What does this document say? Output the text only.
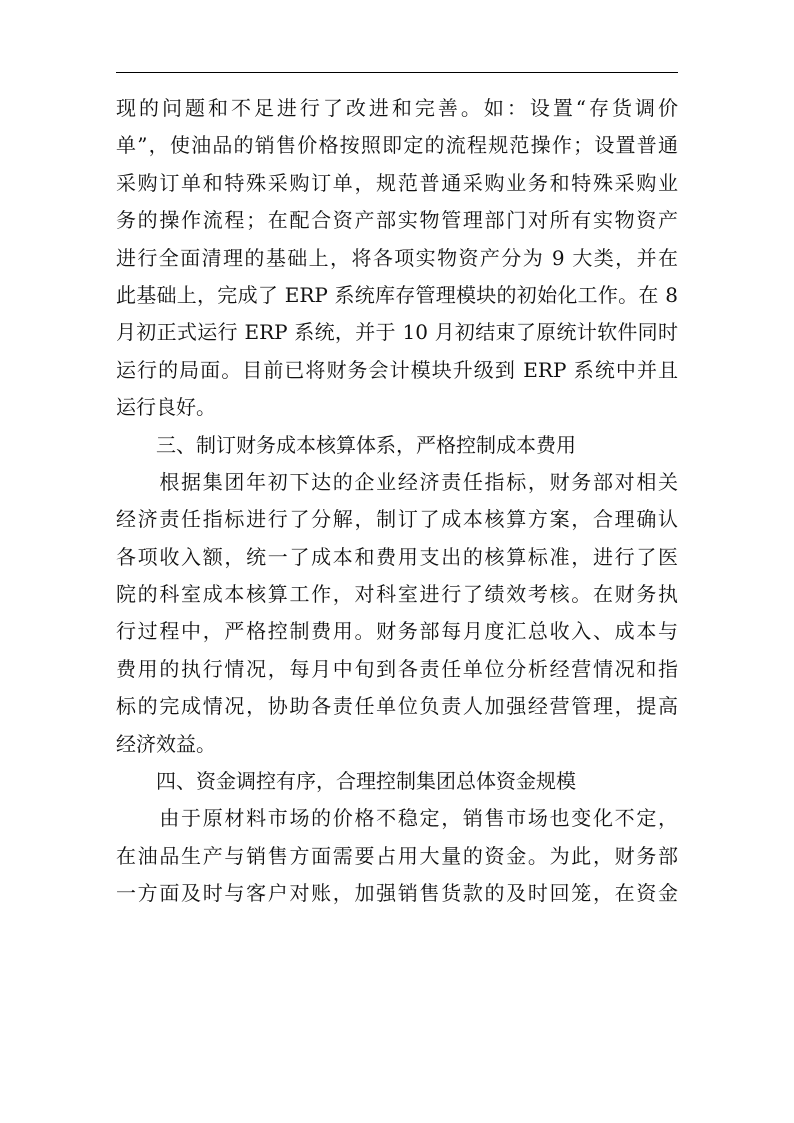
现的问题和不足进行了改进和完善。如：设置“存货调价
单”，使油品的销售价格按照即定的流程规范操作；设置普通
采购订单和特殊采购订单，规范普通采购业务和特殊采购业
务的操作流程；在配合资产部实物管理部门对所有实物资产
进行全面清理的基础上，将各项实物资产分为 9 大类，并在
此基础上，完成了 ERP 系统库存管理模块的初始化工作。在 8
月初正式运行 ERP 系统，并于 10 月初结束了原统计软件同时
运行的局面。目前已将财务会计模块升级到 ERP 系统中并且
运行良好。
　　三、制订财务成本核算体系，严格控制成本费用
　　根据集团年初下达的企业经济责任指标，财务部对相关
经济责任指标进行了分解，制订了成本核算方案，合理确认
各项收入额，统一了成本和费用支出的核算标准，进行了医
院的科室成本核算工作，对科室进行了绩效考核。在财务执
行过程中，严格控制费用。财务部每月度汇总收入、成本与
费用的执行情况，每月中旬到各责任单位分析经营情况和指
标的完成情况，协助各责任单位负责人加强经营管理，提高
经济效益。
　　四、资金调控有序，合理控制集团总体资金规模
　　由于原材料市场的价格不稳定，销售市场也变化不定，
在油品生产与销售方面需要占用大量的资金。为此，财务部
一方面及时与客户对账，加强销售货款的及时回笼，在资金
